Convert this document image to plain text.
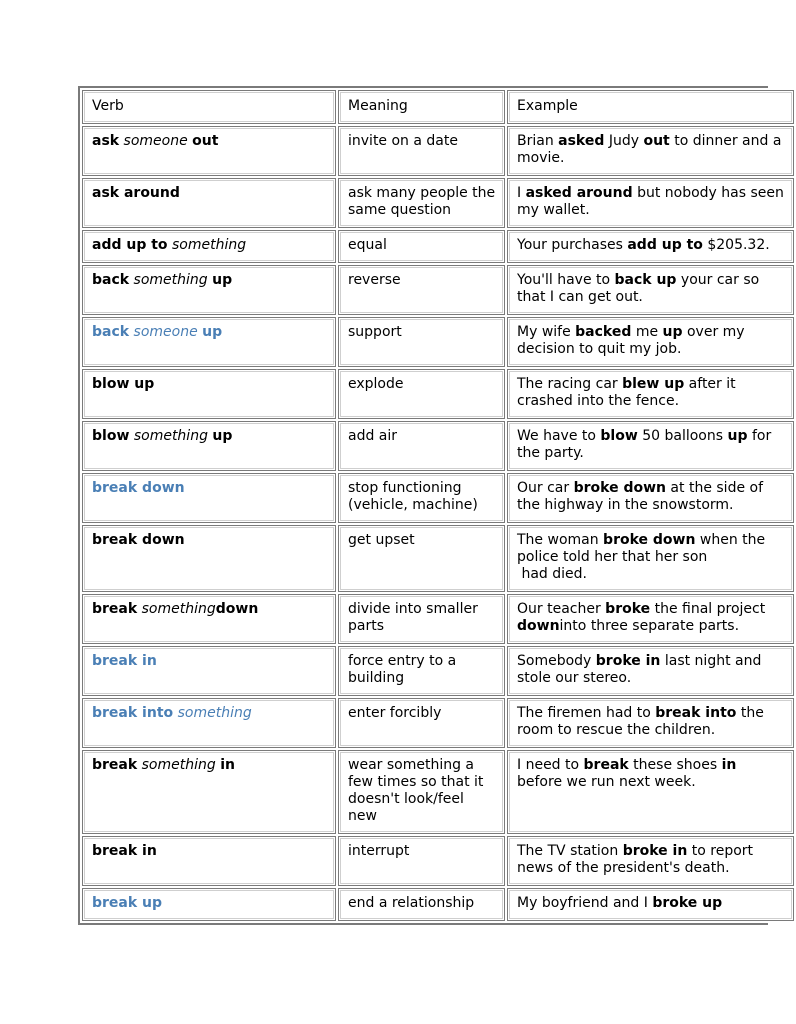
Verb	Meaning	Example
ask someone out	invite on a date	Brian asked Judy out to dinner and a movie.
ask around	ask many people the same question	I asked around but nobody has seen my wallet.
add up to something	equal	Your purchases add up to $205.32.
back something up	reverse	You'll have to back up your car so that I can get out.
back someone up	support	My wife backed me up over my decision to quit my job.
blow up	explode	The racing car blew up after it crashed into the fence.
blow something up	add air	We have to blow 50 balloons up for the party.
break down	stop functioning (vehicle, machine)	Our car broke down at the side of the highway in the snowstorm.
break down	get upset	The woman broke down when the police told her that her son
had died.
break somethingdown	divide into smaller parts	Our teacher broke the final project downinto three separate parts.
break in	force entry to a building	Somebody broke in last night and stole our stereo.
break into something	enter forcibly	The firemen had to break into the room to rescue the children.
break something in	wear something a few times so that it doesn't look/feel new	I need to break these shoes in before we run next week.
break in	interrupt	The TV station broke in to report news of the president's death.
break up	end a relationship	My boyfriend and I broke up
